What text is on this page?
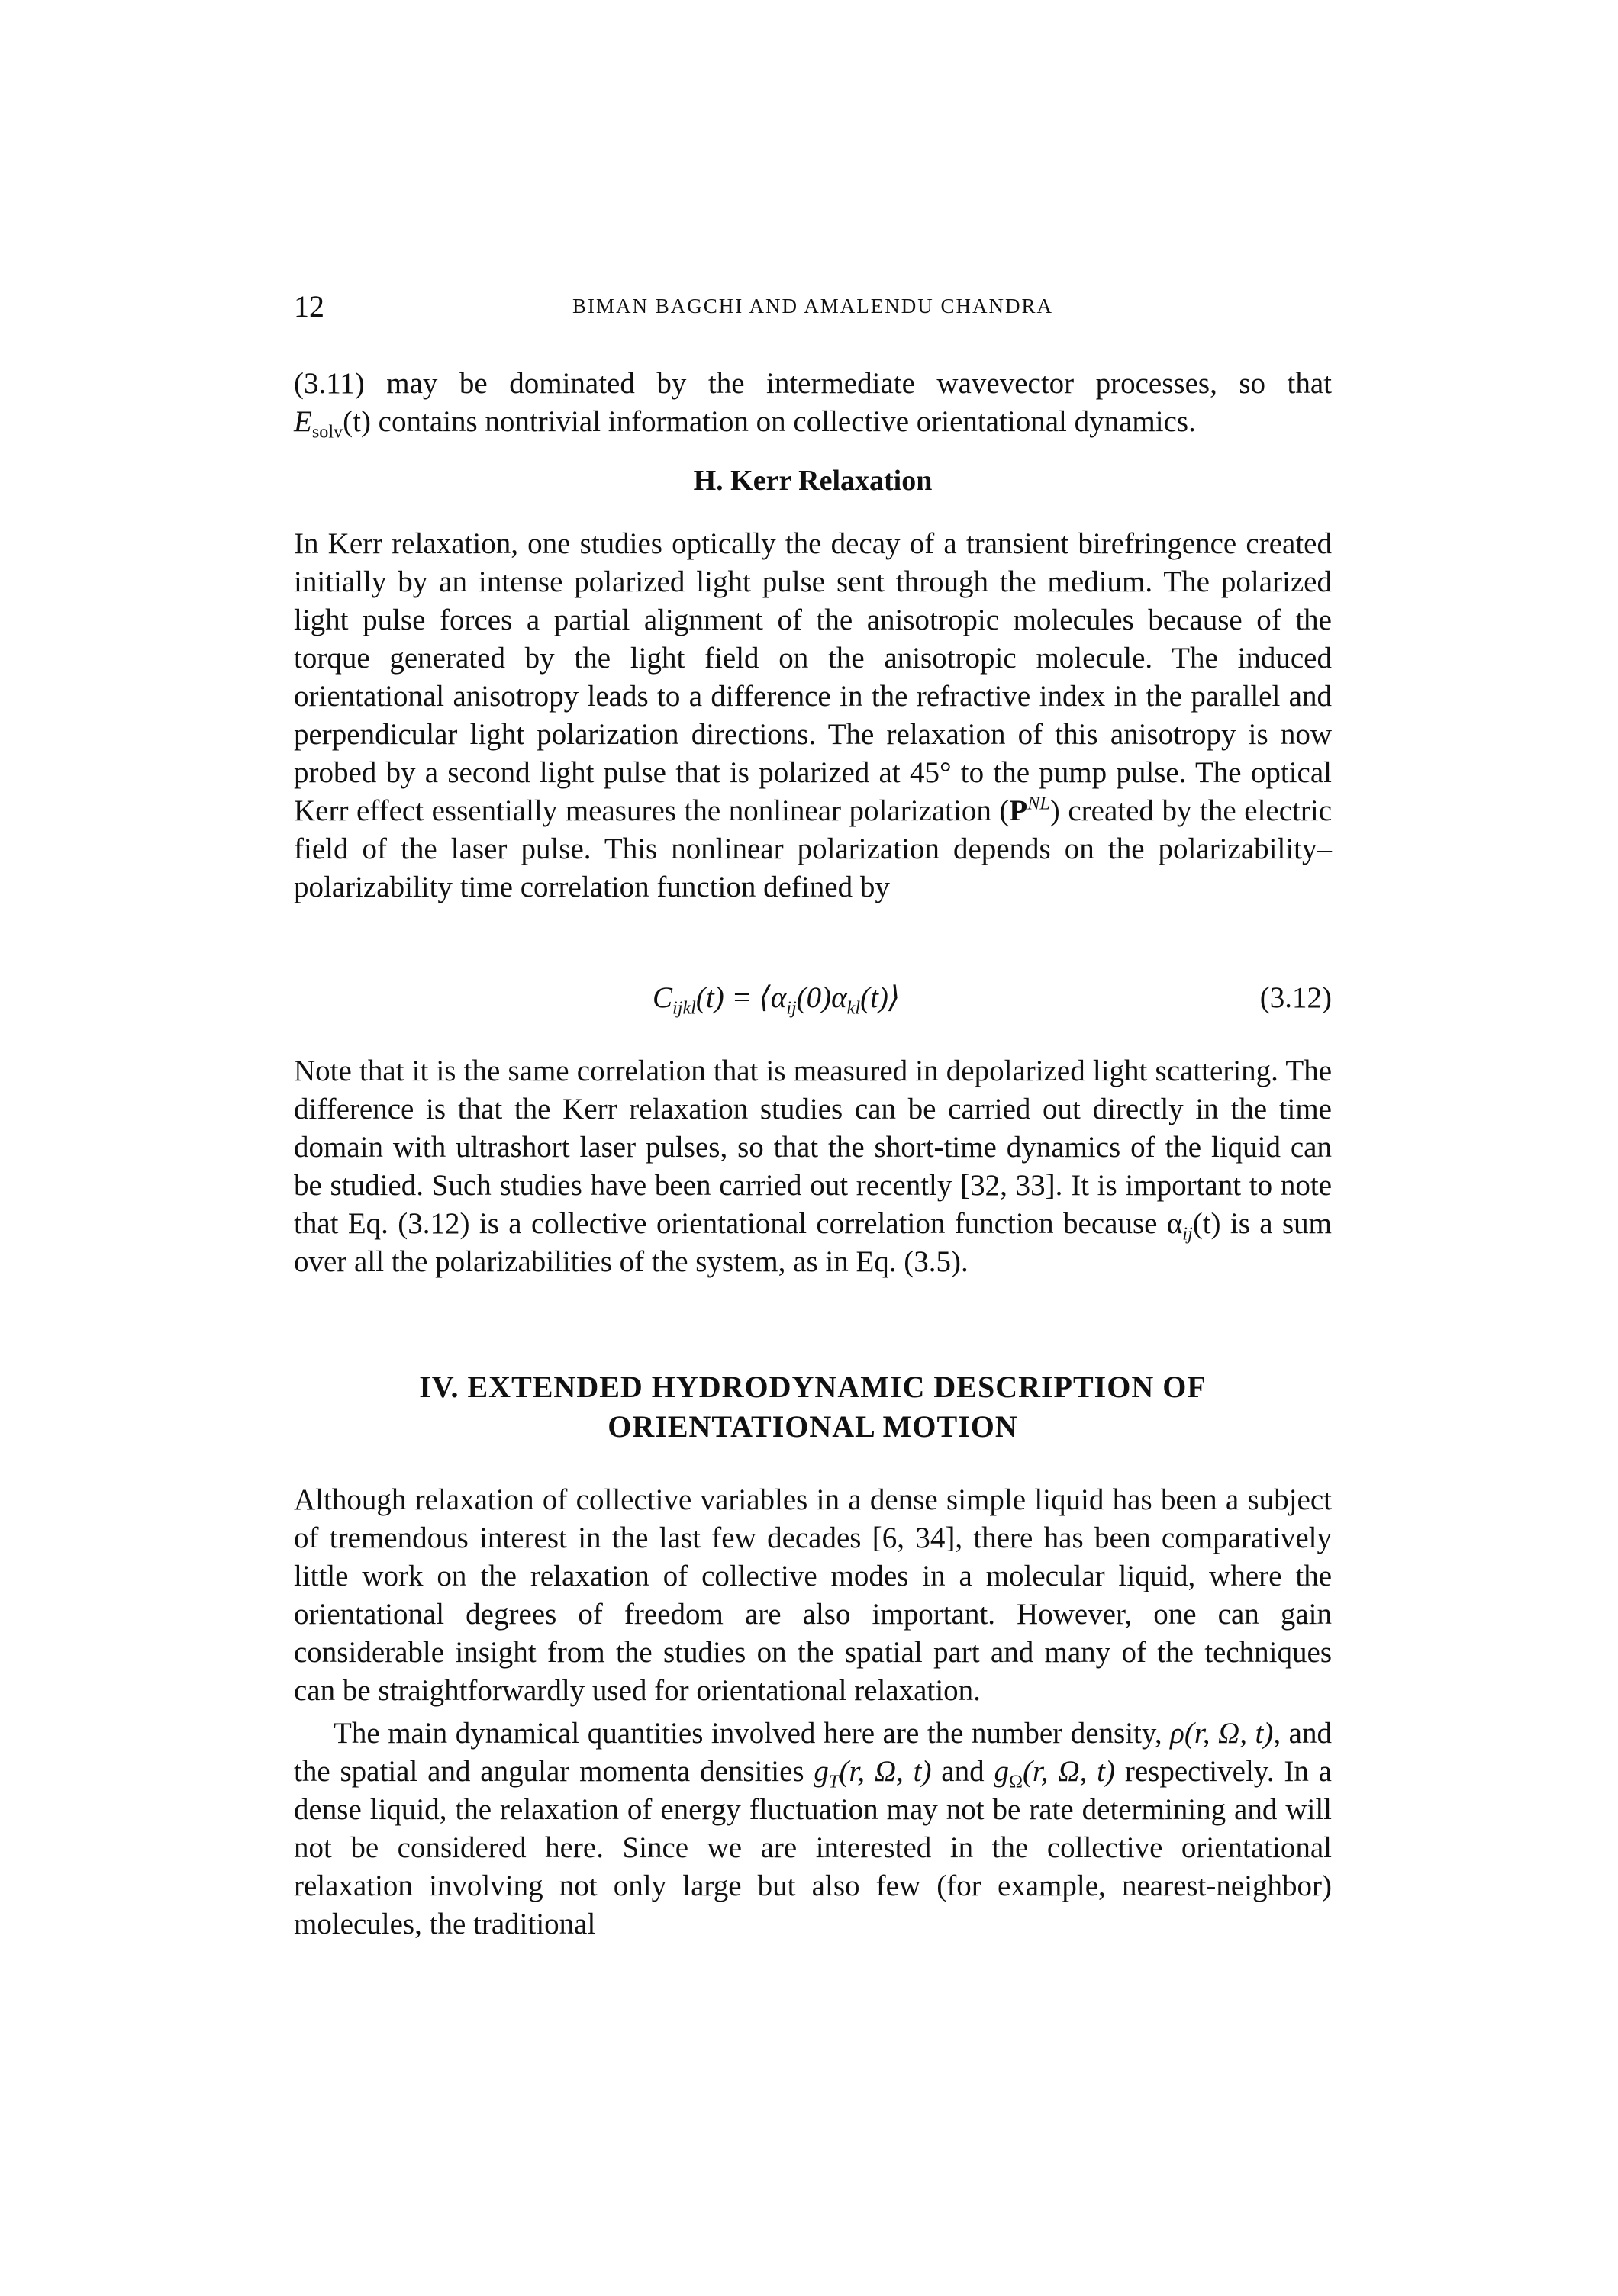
12	BIMAN BAGCHI AND AMALENDU CHANDRA

(3.11) may be dominated by the intermediate wavevector processes, so that

$E_{solv}(t)$ contains nontrivial information on collective orientational dynamics.

H. Kerr Relaxation

In Kerr relaxation, one studies optically the decay of a transient birefringence created initially by an intense polarized light pulse sent through the medium. The polarized light pulse forces a partial alignment of the anisotropic molecules because of the torque generated by the light field on the anisotropic molecule. The induced orientational anisotropy leads to a difference in the refractive index in the parallel and perpendicular light polarization directions. The relaxation of this anisotropy is now probed by a second light pulse that is polarized at 45° to the pump pulse. The optical Kerr effect essentially measures the nonlinear polarization $(P^{NL})$ created by the electric field of the laser pulse. This nonlinear polarization depends on the polarizability–polarizability time correlation function defined by

$C_{ijkl}(t)$ = $⟨\alpha_{ij}(0)\alpha_{kl}(t)⟩$	(3.12)

Note that it is the same correlation that is measured in depolarized light scattering. The difference is that the Kerr relaxation studies can be carried out directly in the time domain with ultrashort laser pulses, so that the short-time dynamics of the liquid can be studied. Such studies have been carried out recently [32, 33]. It is important to note that Eq. (3.12) is a collective orientational correlation function because $\alpha_{ij}(t)$ is a sum over all the polarizabilities of the system, as in Eq. (3.5).

IV. EXTENDED HYDRODYNAMIC DESCRIPTION OF

ORIENTATIONAL MOTION

Although relaxation of collective variables in a dense simple liquid has been a subject of tremendous interest in the last few decades [6, 34], there has been comparatively little work on the relaxation of collective modes in a molecular liquid, where the orientational degrees of freedom are also important. However, one can gain considerable insight from the studies on the spatial part and many of the techniques can be straightforwardly used for orientational relaxation.

The main dynamical quantities involved here are the number density, ρ(r, Ω, t), and the spatial and angular momenta densities $g_T(r$, Ω, t) and $g_\Omega(r$, Ω, t) respectively. In a dense liquid, the relaxation of energy fluctuation may not be rate determining and will not be considered here. Since we are interested in the collective orientational relaxation involving not only large but also few (for example, nearest-neighbor) molecules, the traditional
